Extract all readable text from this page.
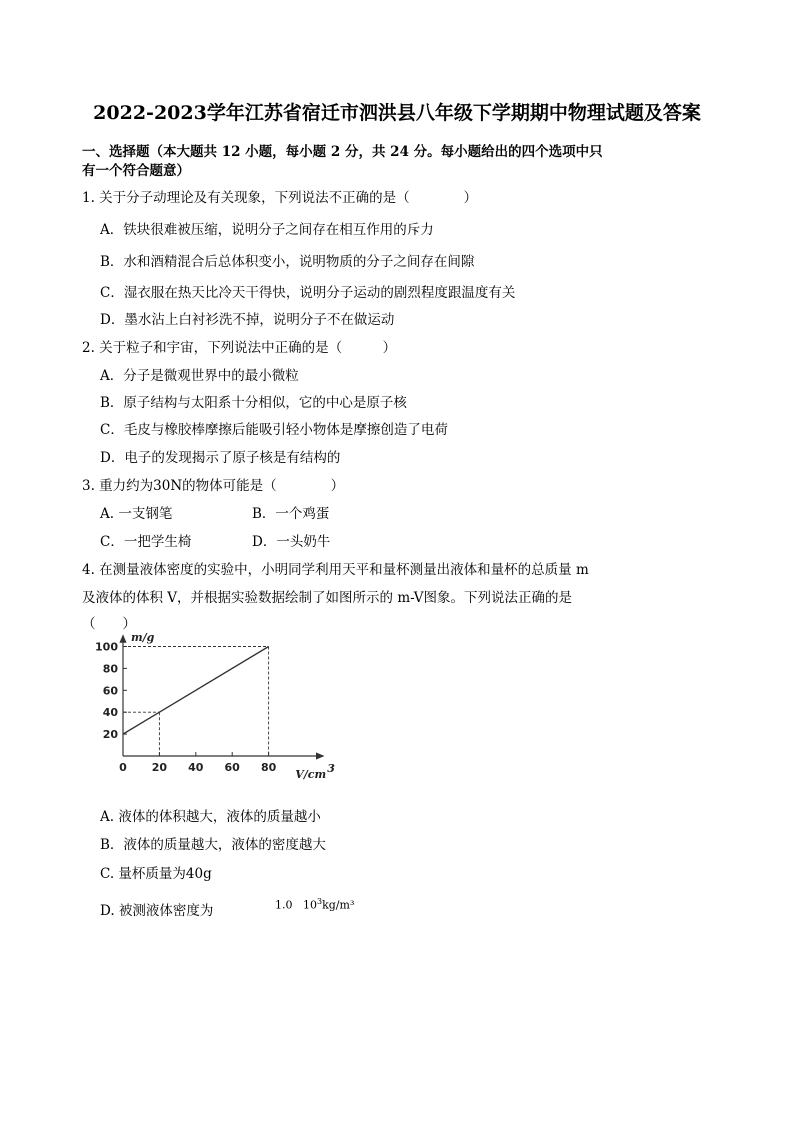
2022-2023学年江苏省宿迁市泗洪县八年级下学期期中物理试题及答案
一、选择题（本大题共 12 小题，每小题 2 分，共 24 分。每小题给出的四个选项中只
有一个符合题意）
1. 关于分子动理论及有关现象，下列说法不正确的是（　　　　）
A．铁块很难被压缩，说明分子之间存在相互作用的斥力
B．水和酒精混合后总体积变小，说明物质的分子之间存在间隙
C．湿衣服在热天比冷天干得快，说明分子运动的剧烈程度跟温度有关
D．墨水沾上白衬衫洗不掉，说明分子不在做运动
2. 关于粒子和宇宙，下列说法中正确的是（　　　）
A．分子是微观世界中的最小微粒
B．原子结构与太阳系十分相似，它的中心是原子核
C．毛皮与橡胶棒摩擦后能吸引轻小物体是摩擦创造了电荷
D．电子的发现揭示了原子核是有结构的
3. 重力约为30N的物体可能是（　　　　）
A. 一支钢笔	B．一个鸡蛋
C．一把学生椅	D．一头奶牛
4. 在测量液体密度的实验中，小明同学利用天平和量杯测量出液体和量杯的总质量 m
及液体的体积 V，并根据实验数据绘制了如图所示的 m-V图象。下列说法正确的是
（　　）
0 20 40 60 80
20
40
60
80
100
m/g
V/cm 3
A. 液体的体积越大，液体的质量越小
B．液体的质量越大，液体的密度越大
C. 量杯质量为40g
D. 被测液体密度为	1.0 $10^3kg/m^3$
